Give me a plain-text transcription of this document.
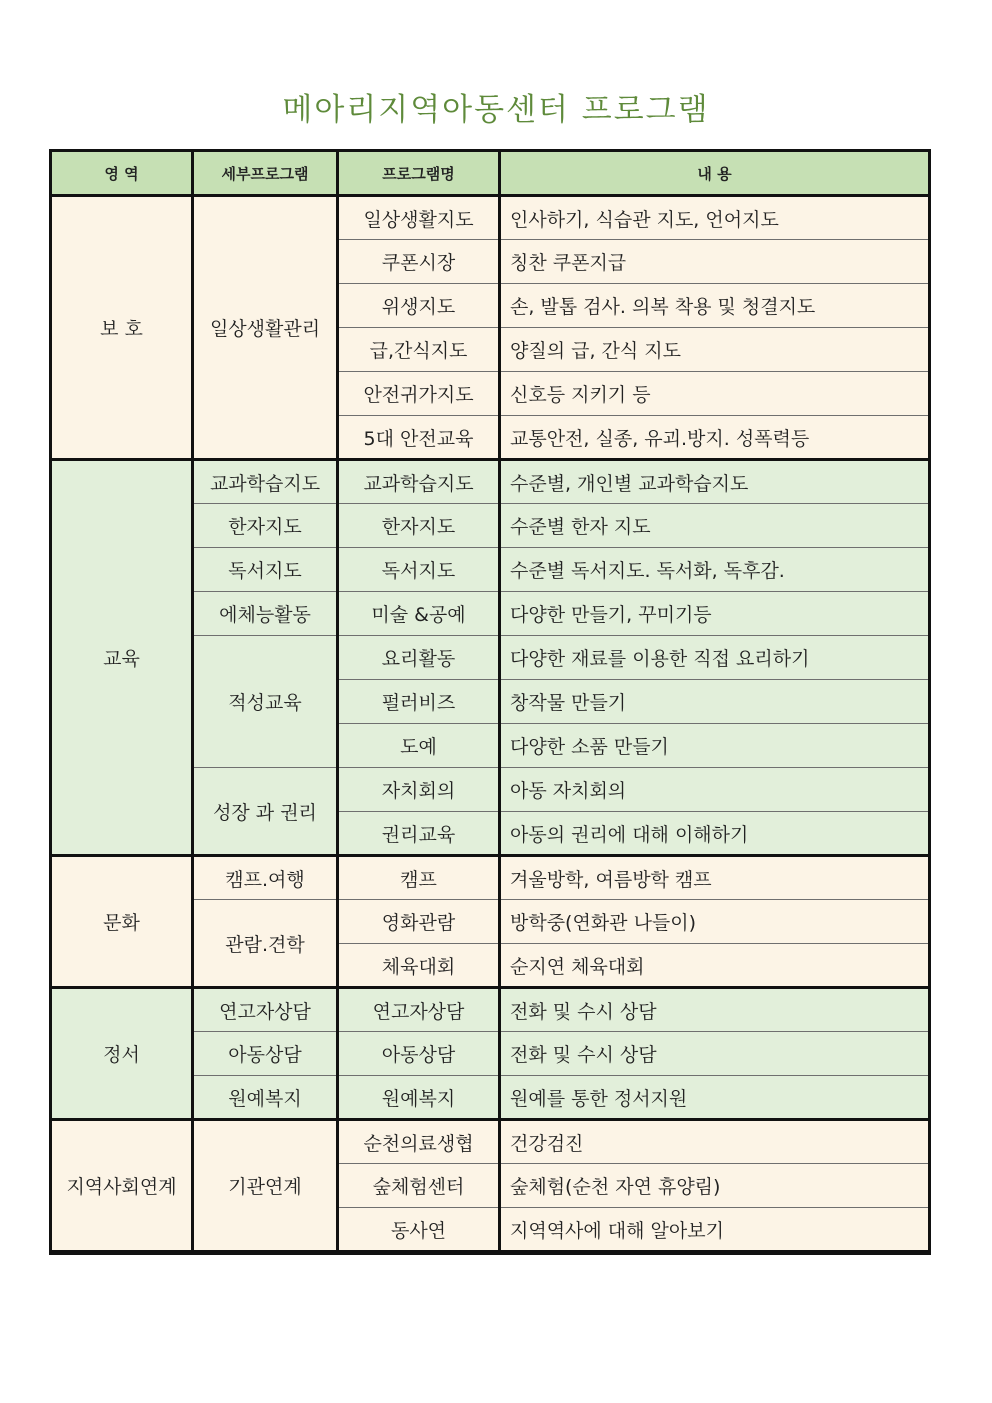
메아리지역아동센터 프로그램
영 역	세부프로그램	프로그램명	내 용
보 호	일상생활관리	일상생활지도	인사하기, 식습관 지도, 언어지도
		쿠폰시장	칭찬 쿠폰지급
		위생지도	손, 발톱 검사. 의복 착용 및 청결지도
		급,간식지도	양질의 급, 간식 지도
		안전귀가지도	신호등 지키기 등
		5대 안전교육	교통안전, 실종, 유괴.방지. 성폭력등
교육	교과학습지도	교과학습지도	수준별, 개인별 교과학습지도
	한자지도	한자지도	수준별 한자 지도
	독서지도	독서지도	수준별 독서지도. 독서화, 독후감.
	에체능활동	미술 &공예	다양한 만들기, 꾸미기등
	적성교육	요리활동	다양한 재료를 이용한 직접 요리하기
		펄러비즈	창작물 만들기
		도예	다양한 소품 만들기
	성장 과 권리	자치회의	아동 자치회의
		권리교육	아동의 권리에 대해 이해하기
문화	캠프.여행	캠프	겨울방학, 여름방학 캠프
	관람.견학	영화관람	방학중(연화관 나들이)
		체육대회	순지연 체육대회
정서	연고자상담	연고자상담	전화 및 수시 상담
	아동상담	아동상담	전화 및 수시 상담
	원예복지	원예복지	원예를 통한 정서지원
지역사회연계	기관연계	순천의료생협	건강검진
		숲체험센터	숲체험(순천 자연 휴양림)
		동사연	지역역사에 대해 알아보기
